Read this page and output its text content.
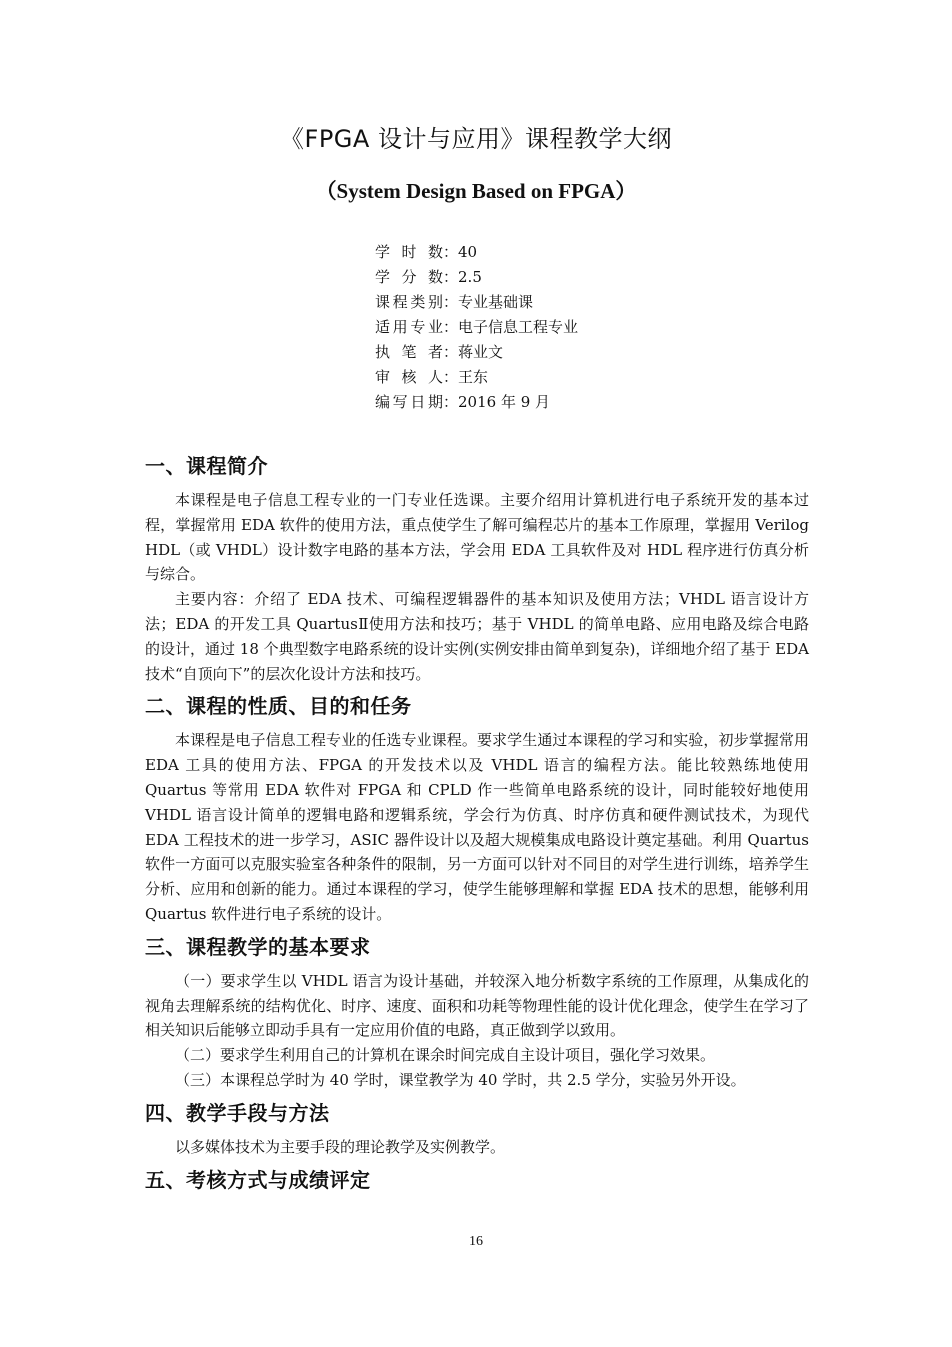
《FPGA 设计与应用》课程教学大纲
（System Design Based on FPGA）
学 时 数 ： 40
学 分 数 ： 2.5
课程类别 ： 专业基础课
适用专业 ： 电子信息工程专业
执 笔 者 ： 蒋业文
审 核 人 ： 王东
编写日期 ： 2016 年 9 月
一、课程简介

本课程是电子信息工程专业的一门专业任选课。主要介绍用计算机进行电子系统开发的基本过程，掌握常用 EDA 软件的使用方法，重点使学生了解可编程芯片的基本工作原理，掌握用 Verilog HDL（或 VHDL）设计数字电路的基本方法，学会用 EDA 工具软件及对 HDL 程序进行仿真分析与综合。

主要内容：介绍了 EDA 技术、可编程逻辑器件的基本知识及使用方法；VHDL 语言设计方法；EDA 的开发工具 QuartusⅡ使用方法和技巧；基于 VHDL 的简单电路、应用电路及综合电路的设计，通过 18 个典型数字电路系统的设计实例(实例安排由简单到复杂)，详细地介绍了基于 EDA 技术“自顶向下”的层次化设计方法和技巧。

二、课程的性质、目的和任务

本课程是电子信息工程专业的任选专业课程。要求学生通过本课程的学习和实验，初步掌握常用 EDA 工具的使用方法、FPGA 的开发技术以及 VHDL 语言的编程方法。能比较熟练地使用 Quartus 等常用 EDA 软件对 FPGA 和 CPLD 作一些简单电路系统的设计，同时能较好地使用 VHDL 语言设计简单的逻辑电路和逻辑系统，学会行为仿真、时序仿真和硬件测试技术，为现代 EDA 工程技术的进一步学习，ASIC 器件设计以及超大规模集成电路设计奠定基础。利用 Quartus 软件一方面可以克服实验室各种条件的限制，另一方面可以针对不同目的对学生进行训练，培养学生分析、应用和创新的能力。通过本课程的学习，使学生能够理解和掌握 EDA 技术的思想，能够利用 Quartus 软件进行电子系统的设计。

三、课程教学的基本要求

（一）要求学生以 VHDL 语言为设计基础，并较深入地分析数字系统的工作原理，从集成化的视角去理解系统的结构优化、时序、速度、面积和功耗等物理性能的设计优化理念，使学生在学习了相关知识后能够立即动手具有一定应用价值的电路，真正做到学以致用。

（二）要求学生利用自己的计算机在课余时间完成自主设计项目，强化学习效果。

（三）本课程总学时为 40 学时，课堂教学为 40 学时，共 2.5 学分，实验另外开设。

四、教学手段与方法

以多媒体技术为主要手段的理论教学及实例教学。

五、考核方式与成绩评定
16
